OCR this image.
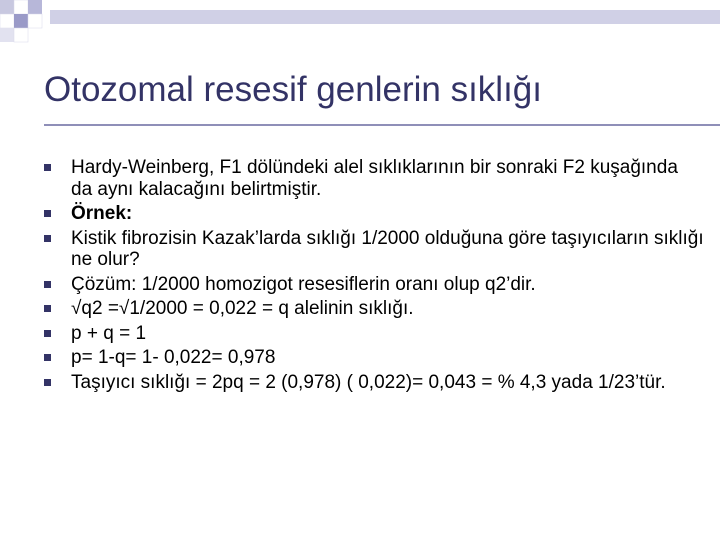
Otozomal resesif genlerin sıklığı
Hardy-Weinberg, F1 dölündeki alel sıklıklarının bir sonraki F2 kuşağında da aynı kalacağını belirtmiştir.
Örnek:
Kistik fibrozisin Kazak’larda sıklığı 1/2000 olduğuna göre taşıyıcıların sıklığı ne olur?
Çözüm: 1/2000 homozigot resesiflerin oranı olup q2’dir.
√q2 =√1/2000 = 0,022 = q alelinin sıklığı.
p + q = 1
p= 1-q= 1- 0,022= 0,978
Taşıyıcı sıklığı = 2pq = 2 (0,978) ( 0,022)= 0,043 = % 4,3 yada 1/23’tür.
